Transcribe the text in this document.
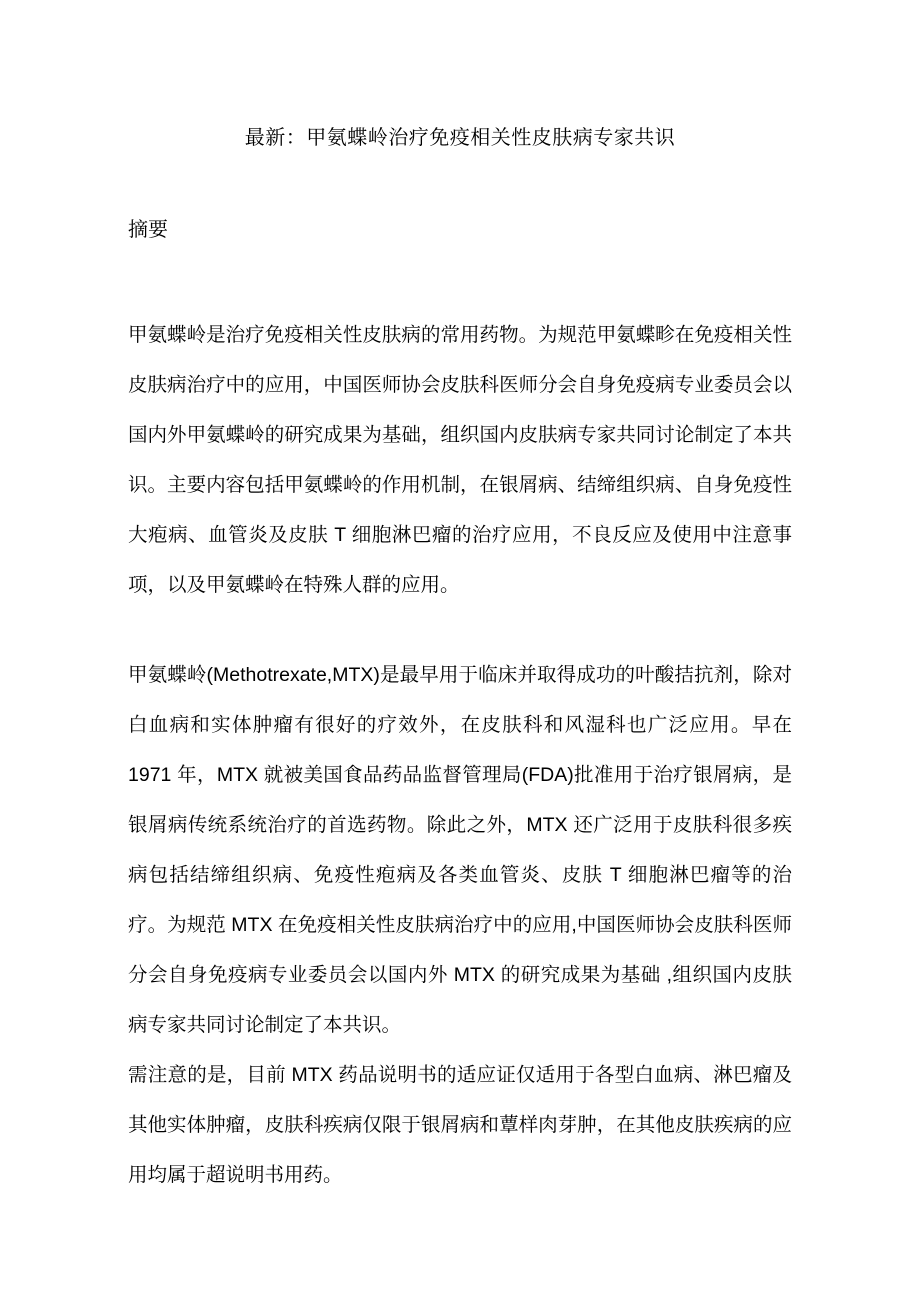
最新：甲氨蝶岭治疗免疫相关性皮肤病专家共识
摘要

甲氨蝶岭是治疗免疫相关性皮肤病的常用药物。为规范甲氨蝶畛在免疫相关性皮肤病治疗中的应用，中国医师协会皮肤科医师分会自身免疫病专业委员会以国内外甲氨蝶岭的研究成果为基础，组织国内皮肤病专家共同讨论制定了本共识。主要内容包括甲氨蝶岭的作用机制，在银屑病、结缔组织病、自身免疫性大疱病、血管炎及皮肤 T 细胞淋巴瘤的治疗应用，不良反应及使用中注意事项，以及甲氨蝶岭在特殊人群的应用。

甲氨蝶岭(Methotrexate,MTX)是最早用于临床并取得成功的叶酸拮抗剂，除对白血病和实体肿瘤有很好的疗效外，在皮肤科和风湿科也广泛应用。早在 1971 年，MTX 就被美国食品药品监督管理局(FDA)批准用于治疗银屑病，是银屑病传统系统治疗的首选药物。除此之外，MTX 还广泛用于皮肤科很多疾病包括结缔组织病、免疫性疱病及各类血管炎、皮肤 T 细胞淋巴瘤等的治疗。为规范 MTX 在免疫相关性皮肤病治疗中的应用,中国医师协会皮肤科医师分会自身免疫病专业委员会以国内外 MTX 的研究成果为基础 ,组织国内皮肤病专家共同讨论制定了本共识。

需注意的是，目前 MTX 药品说明书的适应证仅适用于各型白血病、淋巴瘤及其他实体肿瘤，皮肤科疾病仅限于银屑病和蕈样肉芽肿，在其他皮肤疾病的应用均属于超说明书用药。
